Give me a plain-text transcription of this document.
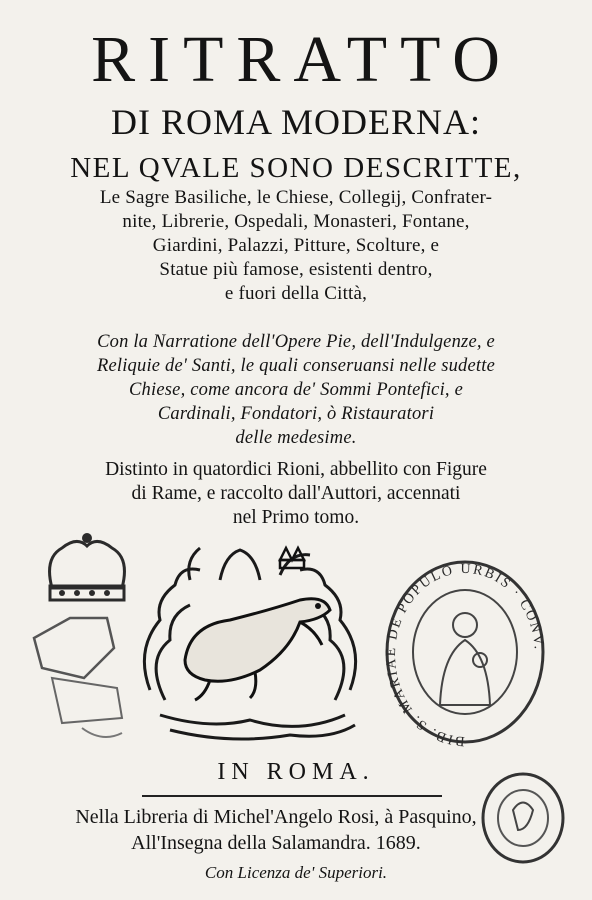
RITRATTO
DI ROMA MODERNA:
NEL QVALE SONO DESCRITTE,
Le Sagre Basiliche, le Chiese, Collegij, Confrater-
nite, Librerie, Ospedali, Monasteri, Fontane,
Giardini, Palazzi, Pitture, Scolture, e
Statue più famose, esistenti dentro,
e fuori della Città,
Con la Narratione dell'Opere Pie, dell'Indulgenze, e
Reliquie de' Santi, le quali conseruansi nelle sudette
Chiese, come ancora de' Sommi Pontefici, e
Cardinali, Fondatori, ò Ristauratori
delle medesime.
Distinto in quatordici Rioni, abbellito con Figure
di Rame, e raccolto dall'Auttori, accennati
nel Primo tomo.
BIB. S. MARIAE DE POPULO URBIS · CONV.
IN ROMA.
Nella Libreria di Michel'Angelo Rosi, à Pasquino,
All'Insegna della Salamandra. 1689.
Con Licenza de' Superiori.
